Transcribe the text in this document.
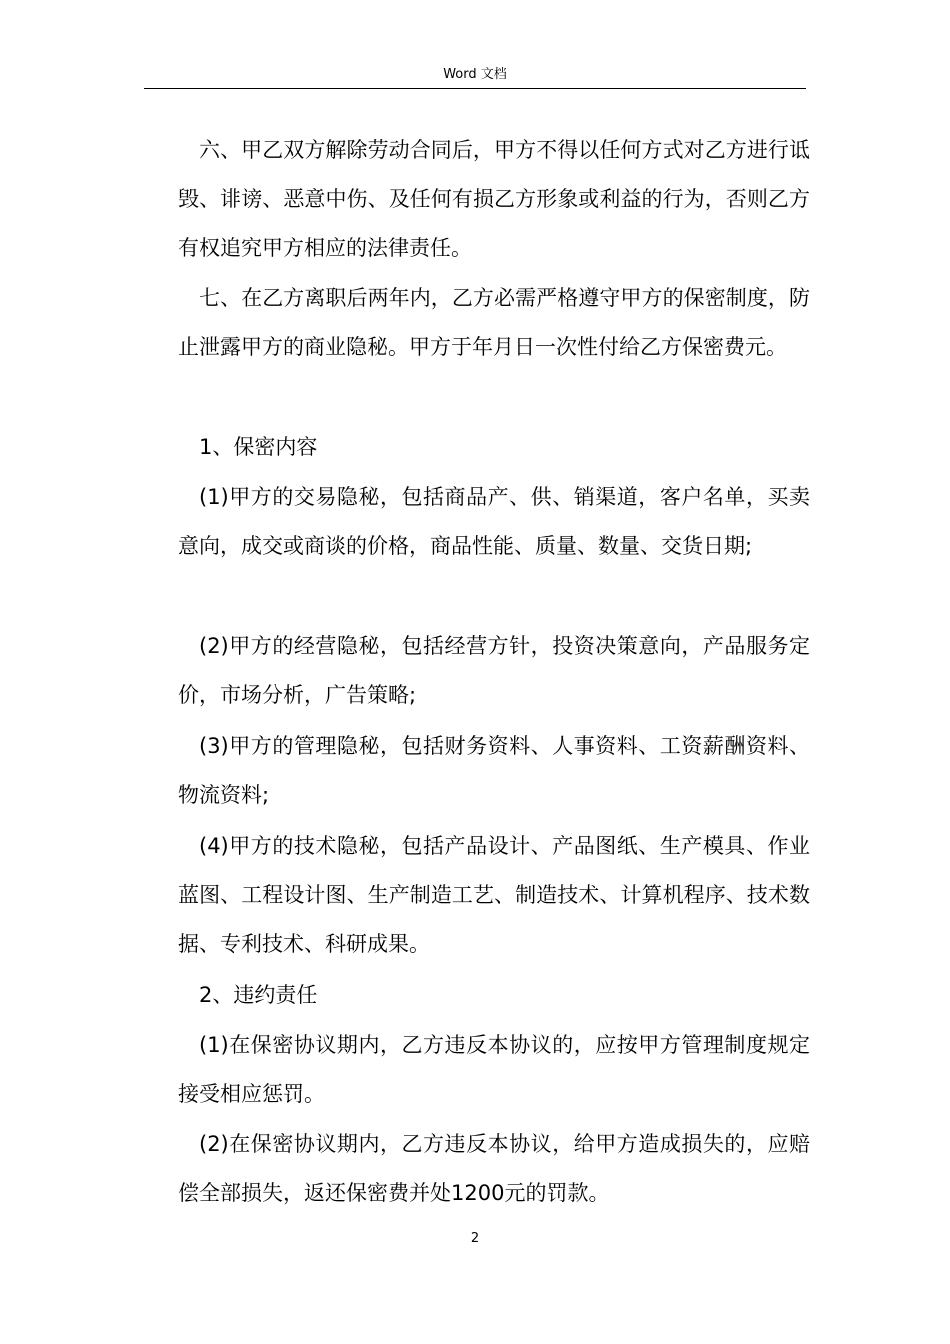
Word 文档
六、甲乙双方解除劳动合同后，甲方不得以任何方式对乙方进行诋毁、诽谤、恶意中伤、及任何有损乙方形象或利益的行为，否则乙方有权追究甲方相应的法律责任。
七、在乙方离职后两年内，乙方必需严格遵守甲方的保密制度，防止泄露甲方的商业隐秘。甲方于年月日一次性付给乙方保密费元。
1、保密内容
(1)甲方的交易隐秘，包括商品产、供、销渠道，客户名单，买卖意向，成交或商谈的价格，商品性能、质量、数量、交货日期;
(2)甲方的经营隐秘，包括经营方针，投资决策意向，产品服务定价，市场分析，广告策略;
(3)甲方的管理隐秘，包括财务资料、人事资料、工资薪酬资料、物流资料;
(4)甲方的技术隐秘，包括产品设计、产品图纸、生产模具、作业蓝图、工程设计图、生产制造工艺、制造技术、计算机程序、技术数据、专利技术、科研成果。
2、违约责任
(1)在保密协议期内，乙方违反本协议的，应按甲方管理制度规定接受相应惩罚。
(2)在保密协议期内，乙方违反本协议，给甲方造成损失的，应赔偿全部损失，返还保密费并处1200元的罚款。
2
